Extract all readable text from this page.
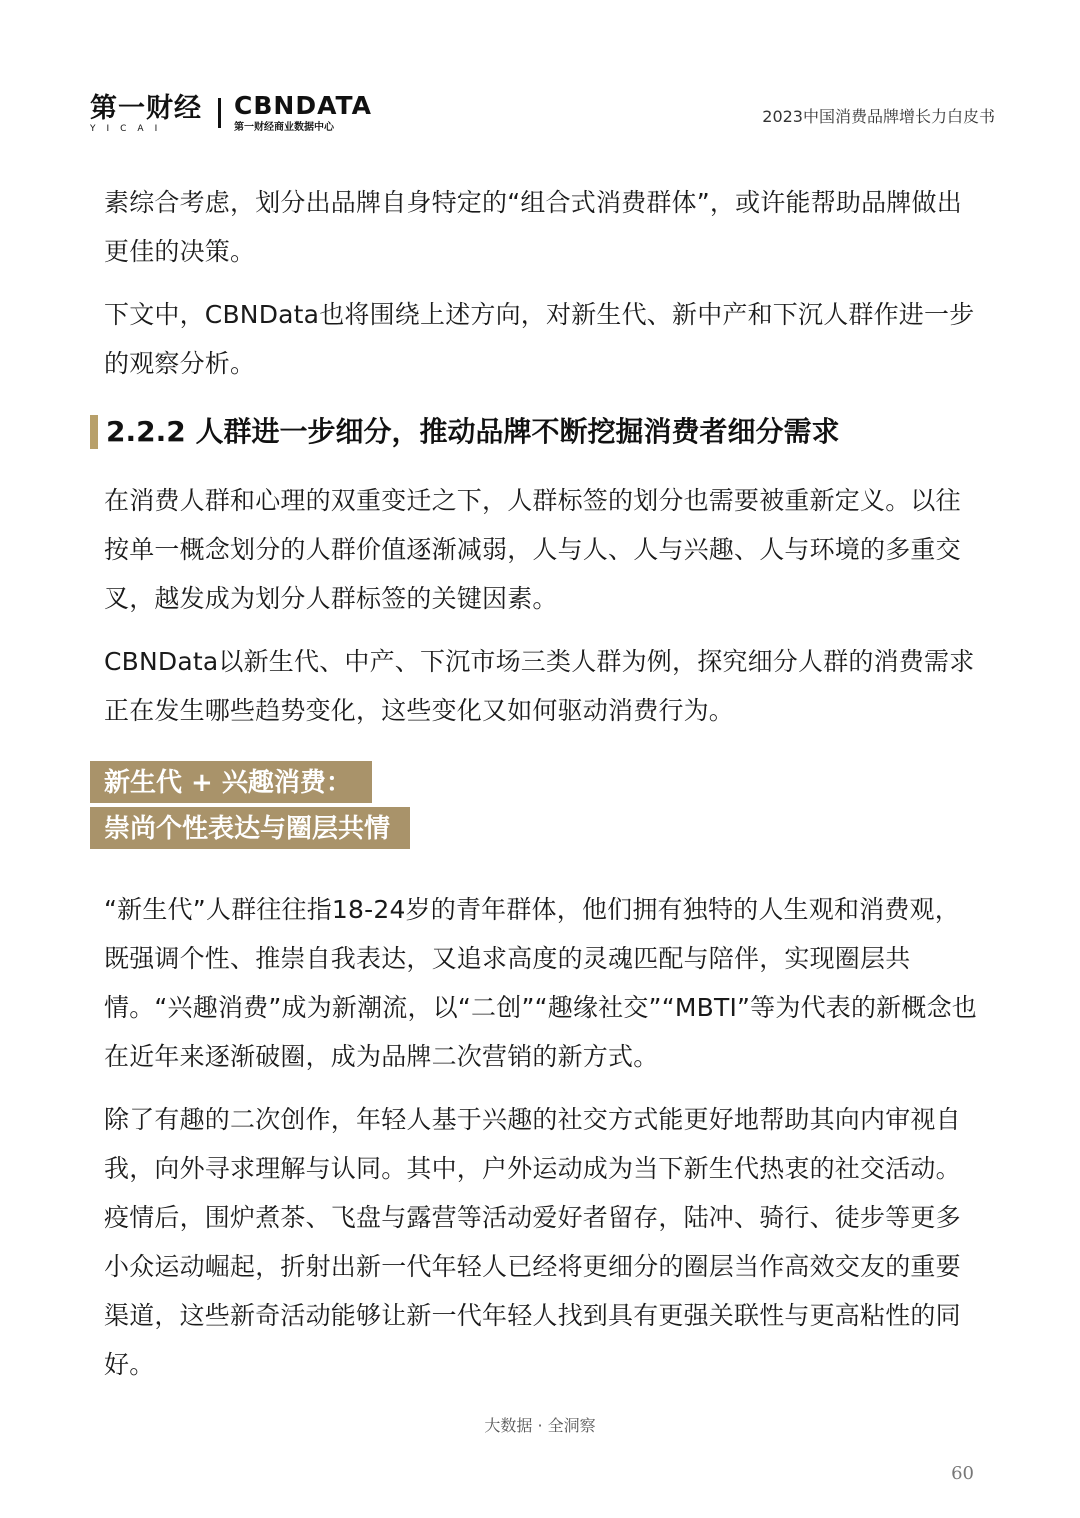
第一财经
YICAI
CBNDATA
第一财经商业数据中心
2023中国消费品牌增长力白皮书

素综合考虑，划分出品牌自身特定的“组合式消费群体”，或许能帮助品牌做出更佳的决策。

下文中，CBNData也将围绕上述方向，对新生代、新中产和下沉人群作进一步的观察分析。

2.2.2 人群进一步细分，推动品牌不断挖掘消费者细分需求

在消费人群和心理的双重变迁之下，人群标签的划分也需要被重新定义。以往按单一概念划分的人群价值逐渐减弱，人与人、人与兴趣、人与环境的多重交叉，越发成为划分人群标签的关键因素。

CBNData以新生代、中产、下沉市场三类人群为例，探究细分人群的消费需求正在发生哪些趋势变化，这些变化又如何驱动消费行为。

新生代 + 兴趣消费：
崇尚个性表达与圈层共情

“新生代”人群往往指18-24岁的青年群体，他们拥有独特的人生观和消费观，既强调个性、推崇自我表达，又追求高度的灵魂匹配与陪伴，实现圈层共情。“兴趣消费”成为新潮流，以“二创”“趣缘社交”“MBTI”等为代表的新概念也在近年来逐渐破圈，成为品牌二次营销的新方式。

除了有趣的二次创作，年轻人基于兴趣的社交方式能更好地帮助其向内审视自我，向外寻求理解与认同。其中，户外运动成为当下新生代热衷的社交活动。疫情后，围炉煮茶、飞盘与露营等活动爱好者留存，陆冲、骑行、徒步等更多小众运动崛起，折射出新一代年轻人已经将更细分的圈层当作高效交友的重要渠道，这些新奇活动能够让新一代年轻人找到具有更强关联性与更高粘性的同好。

大数据 · 全洞察
60
